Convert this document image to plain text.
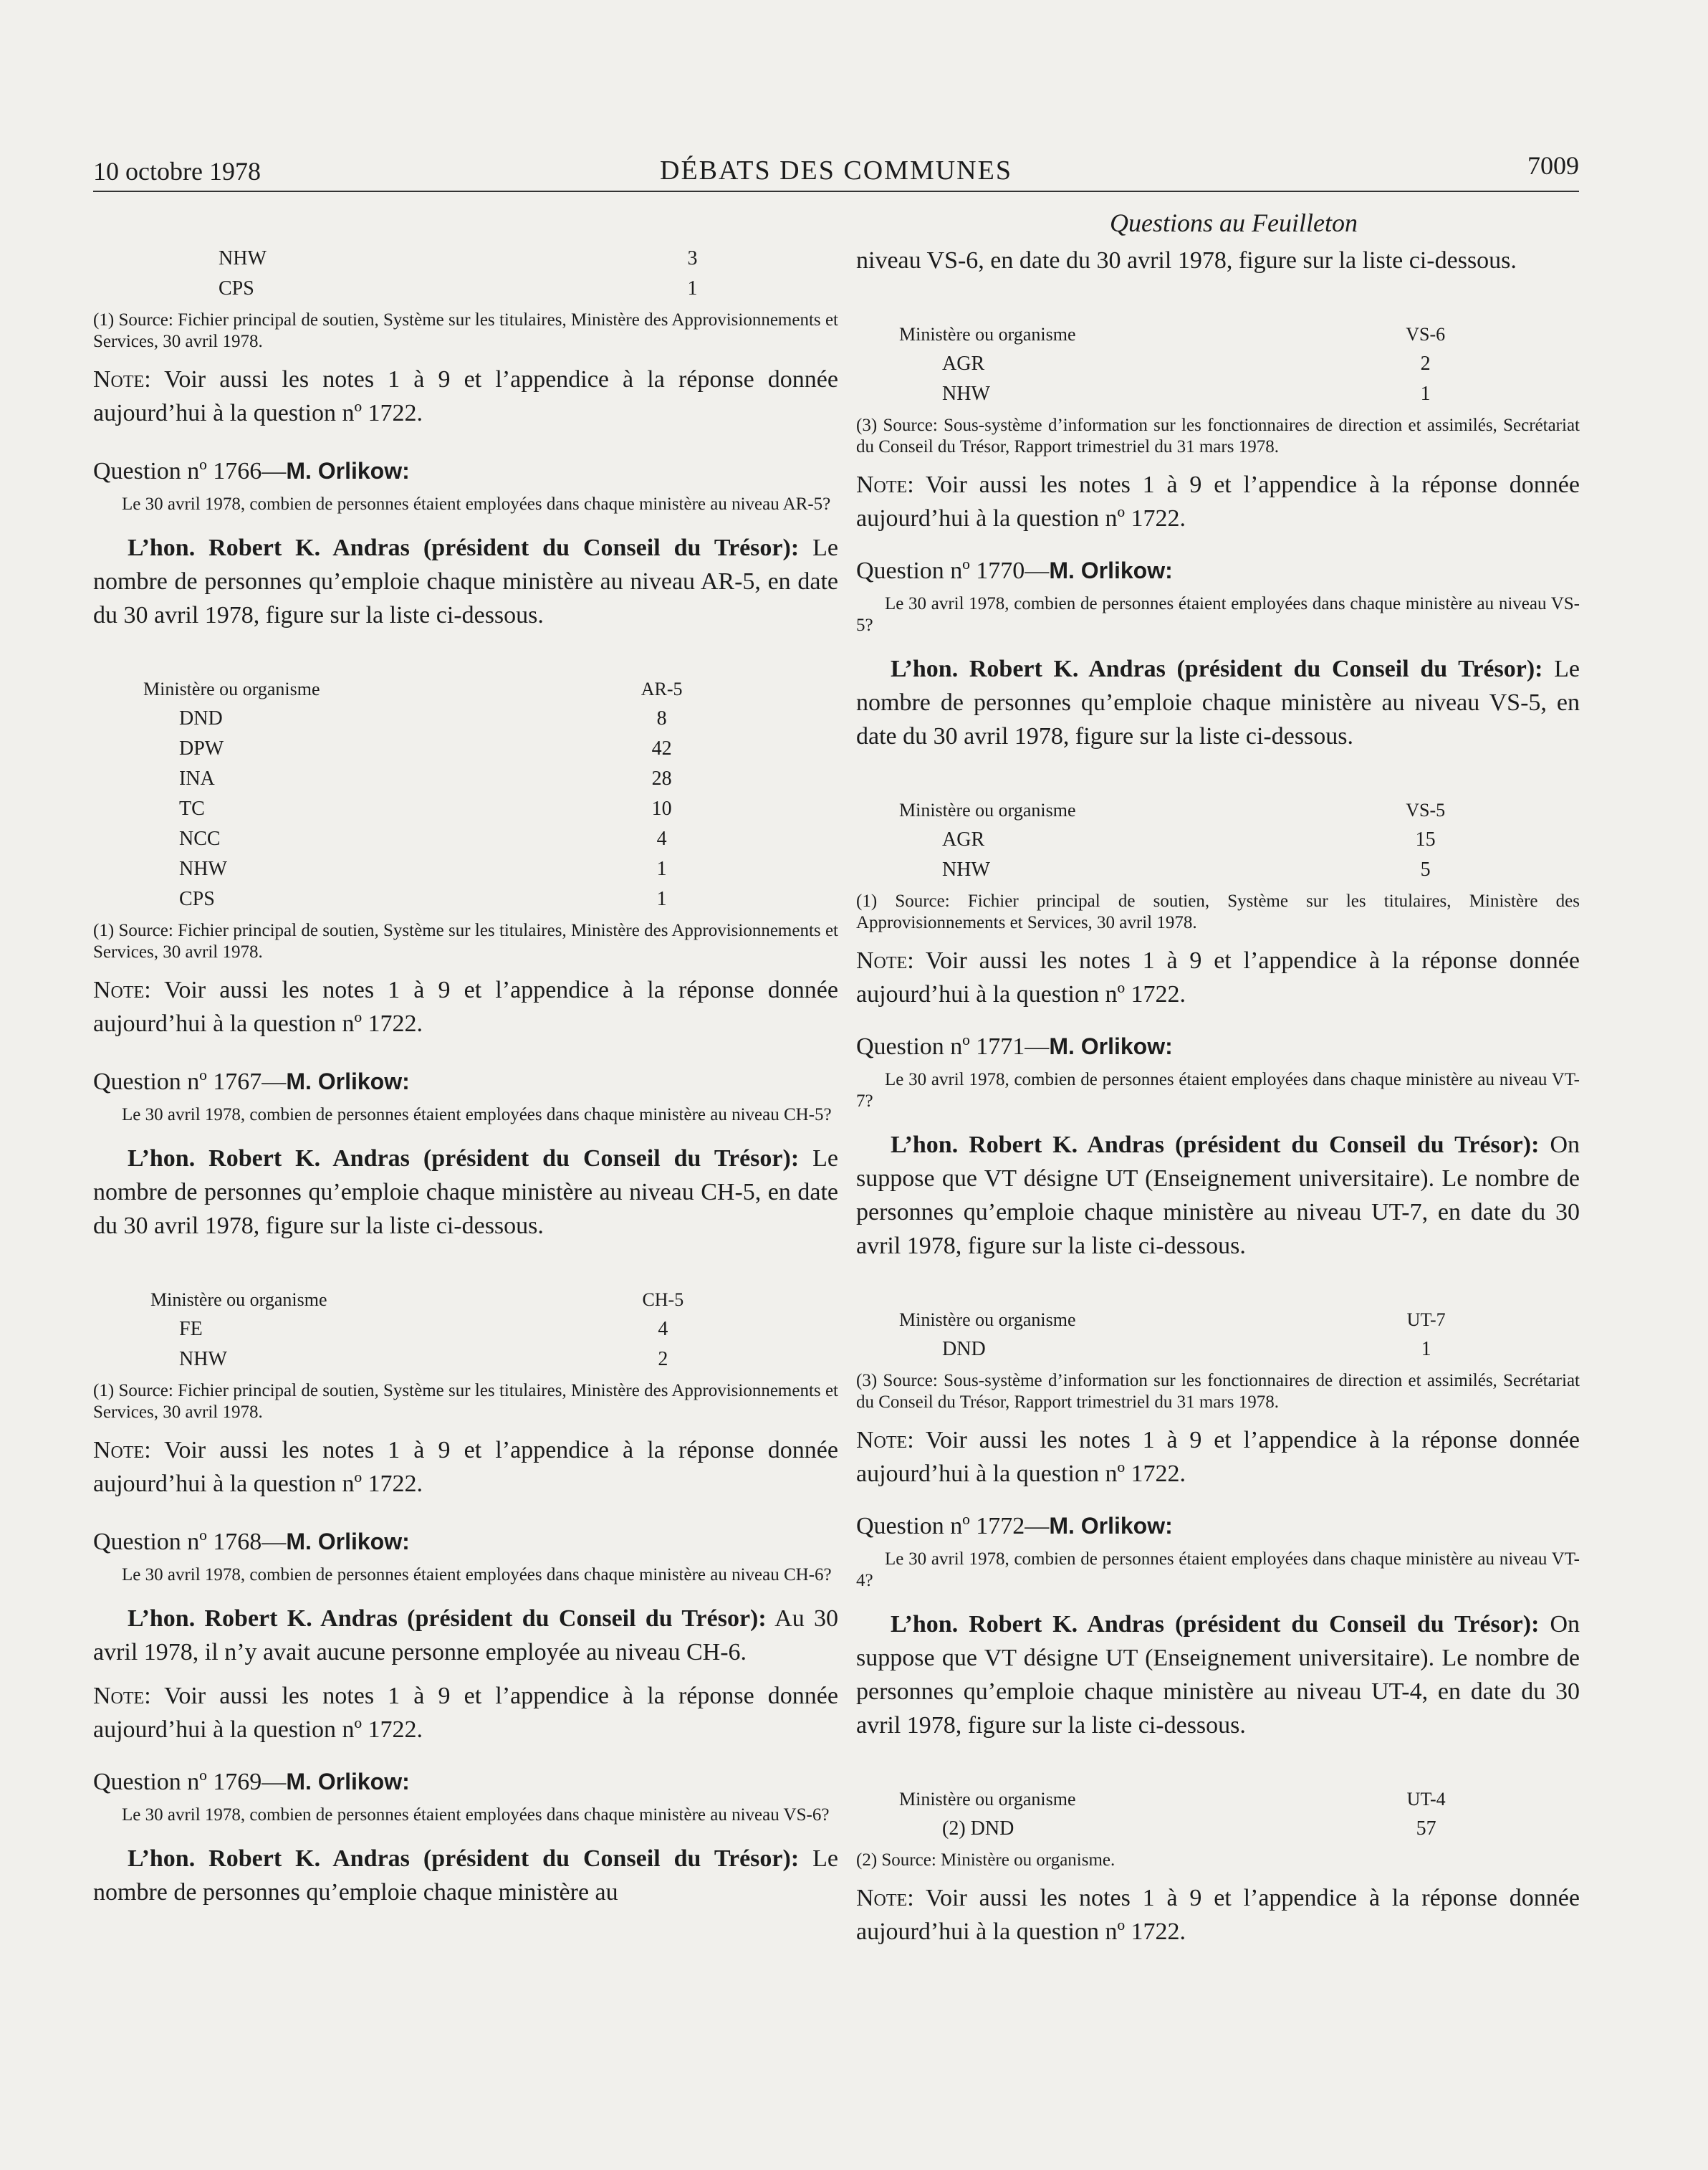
10 octobre 1978	DÉBATS DES COMMUNES	7009
Questions au Feuilleton
NHW	3
CPS	1

(1) Source: Fichier principal de soutien, Système sur les titulaires, Ministère des Approvisionnements et Services, 30 avril 1978.

Note: Voir aussi les notes 1 à 9 et l’appendice à la réponse donnée aujourd’hui à la question nº 1722.

Question nº 1766—M. Orlikow:

Le 30 avril 1978, combien de personnes étaient employées dans chaque ministère au niveau AR-5?

L’hon. Robert K. Andras (président du Conseil du Trésor): Le nombre de personnes qu’emploie chaque ministère au niveau AR-5, en date du 30 avril 1978, figure sur la liste ci-dessous.

Ministère ou organisme	AR-5
DND	8
DPW	42
INA	28
TC	10
NCC	4
NHW	1
CPS	1

(1) Source: Fichier principal de soutien, Système sur les titulaires, Ministère des Approvisionnements et Services, 30 avril 1978.

Note: Voir aussi les notes 1 à 9 et l’appendice à la réponse donnée aujourd’hui à la question nº 1722.

Question nº 1767—M. Orlikow:

Le 30 avril 1978, combien de personnes étaient employées dans chaque ministère au niveau CH-5?

L’hon. Robert K. Andras (président du Conseil du Trésor): Le nombre de personnes qu’emploie chaque ministère au niveau CH-5, en date du 30 avril 1978, figure sur la liste ci-dessous.

Ministère ou organisme	CH-5
FE	4
NHW	2

(1) Source: Fichier principal de soutien, Système sur les titulaires, Ministère des Approvisionnements et Services, 30 avril 1978.

Note: Voir aussi les notes 1 à 9 et l’appendice à la réponse donnée aujourd’hui à la question nº 1722.

Question nº 1768—M. Orlikow:

Le 30 avril 1978, combien de personnes étaient employées dans chaque ministère au niveau CH-6?

L’hon. Robert K. Andras (président du Conseil du Trésor): Au 30 avril 1978, il n’y avait aucune personne employée au niveau CH-6.

Note: Voir aussi les notes 1 à 9 et l’appendice à la réponse donnée aujourd’hui à la question nº 1722.

Question nº 1769—M. Orlikow:

Le 30 avril 1978, combien de personnes étaient employées dans chaque ministère au niveau VS-6?

L’hon. Robert K. Andras (président du Conseil du Trésor): Le nombre de personnes qu’emploie chaque ministère au

niveau VS-6, en date du 30 avril 1978, figure sur la liste ci-dessous.

Ministère ou organisme	VS-6
AGR	2
NHW	1

(3) Source: Sous-système d’information sur les fonctionnaires de direction et assimilés, Secrétariat du Conseil du Trésor, Rapport trimestriel du 31 mars 1978.

Note: Voir aussi les notes 1 à 9 et l’appendice à la réponse donnée aujourd’hui à la question nº 1722.

Question nº 1770—M. Orlikow:

Le 30 avril 1978, combien de personnes étaient employées dans chaque ministère au niveau VS-5?

L’hon. Robert K. Andras (président du Conseil du Trésor): Le nombre de personnes qu’emploie chaque ministère au niveau VS-5, en date du 30 avril 1978, figure sur la liste ci-dessous.

Ministère ou organisme	VS-5
AGR	15
NHW	5

(1) Source: Fichier principal de soutien, Système sur les titulaires, Ministère des Approvisionnements et Services, 30 avril 1978.

Note: Voir aussi les notes 1 à 9 et l’appendice à la réponse donnée aujourd’hui à la question nº 1722.

Question nº 1771—M. Orlikow:

Le 30 avril 1978, combien de personnes étaient employées dans chaque ministère au niveau VT-7?

L’hon. Robert K. Andras (président du Conseil du Trésor): On suppose que VT désigne UT (Enseignement universitaire). Le nombre de personnes qu’emploie chaque ministère au niveau UT-7, en date du 30 avril 1978, figure sur la liste ci-dessous.

Ministère ou organisme	UT-7
DND	1

(3) Source: Sous-système d’information sur les fonctionnaires de direction et assimilés, Secrétariat du Conseil du Trésor, Rapport trimestriel du 31 mars 1978.

Note: Voir aussi les notes 1 à 9 et l’appendice à la réponse donnée aujourd’hui à la question nº 1722.

Question nº 1772—M. Orlikow:

Le 30 avril 1978, combien de personnes étaient employées dans chaque ministère au niveau VT-4?

L’hon. Robert K. Andras (président du Conseil du Trésor): On suppose que VT désigne UT (Enseignement universitaire). Le nombre de personnes qu’emploie chaque ministère au niveau UT-4, en date du 30 avril 1978, figure sur la liste ci-dessous.

Ministère ou organisme	UT-4
(2) DND	57

(2) Source: Ministère ou organisme.

Note: Voir aussi les notes 1 à 9 et l’appendice à la réponse donnée aujourd’hui à la question nº 1722.
